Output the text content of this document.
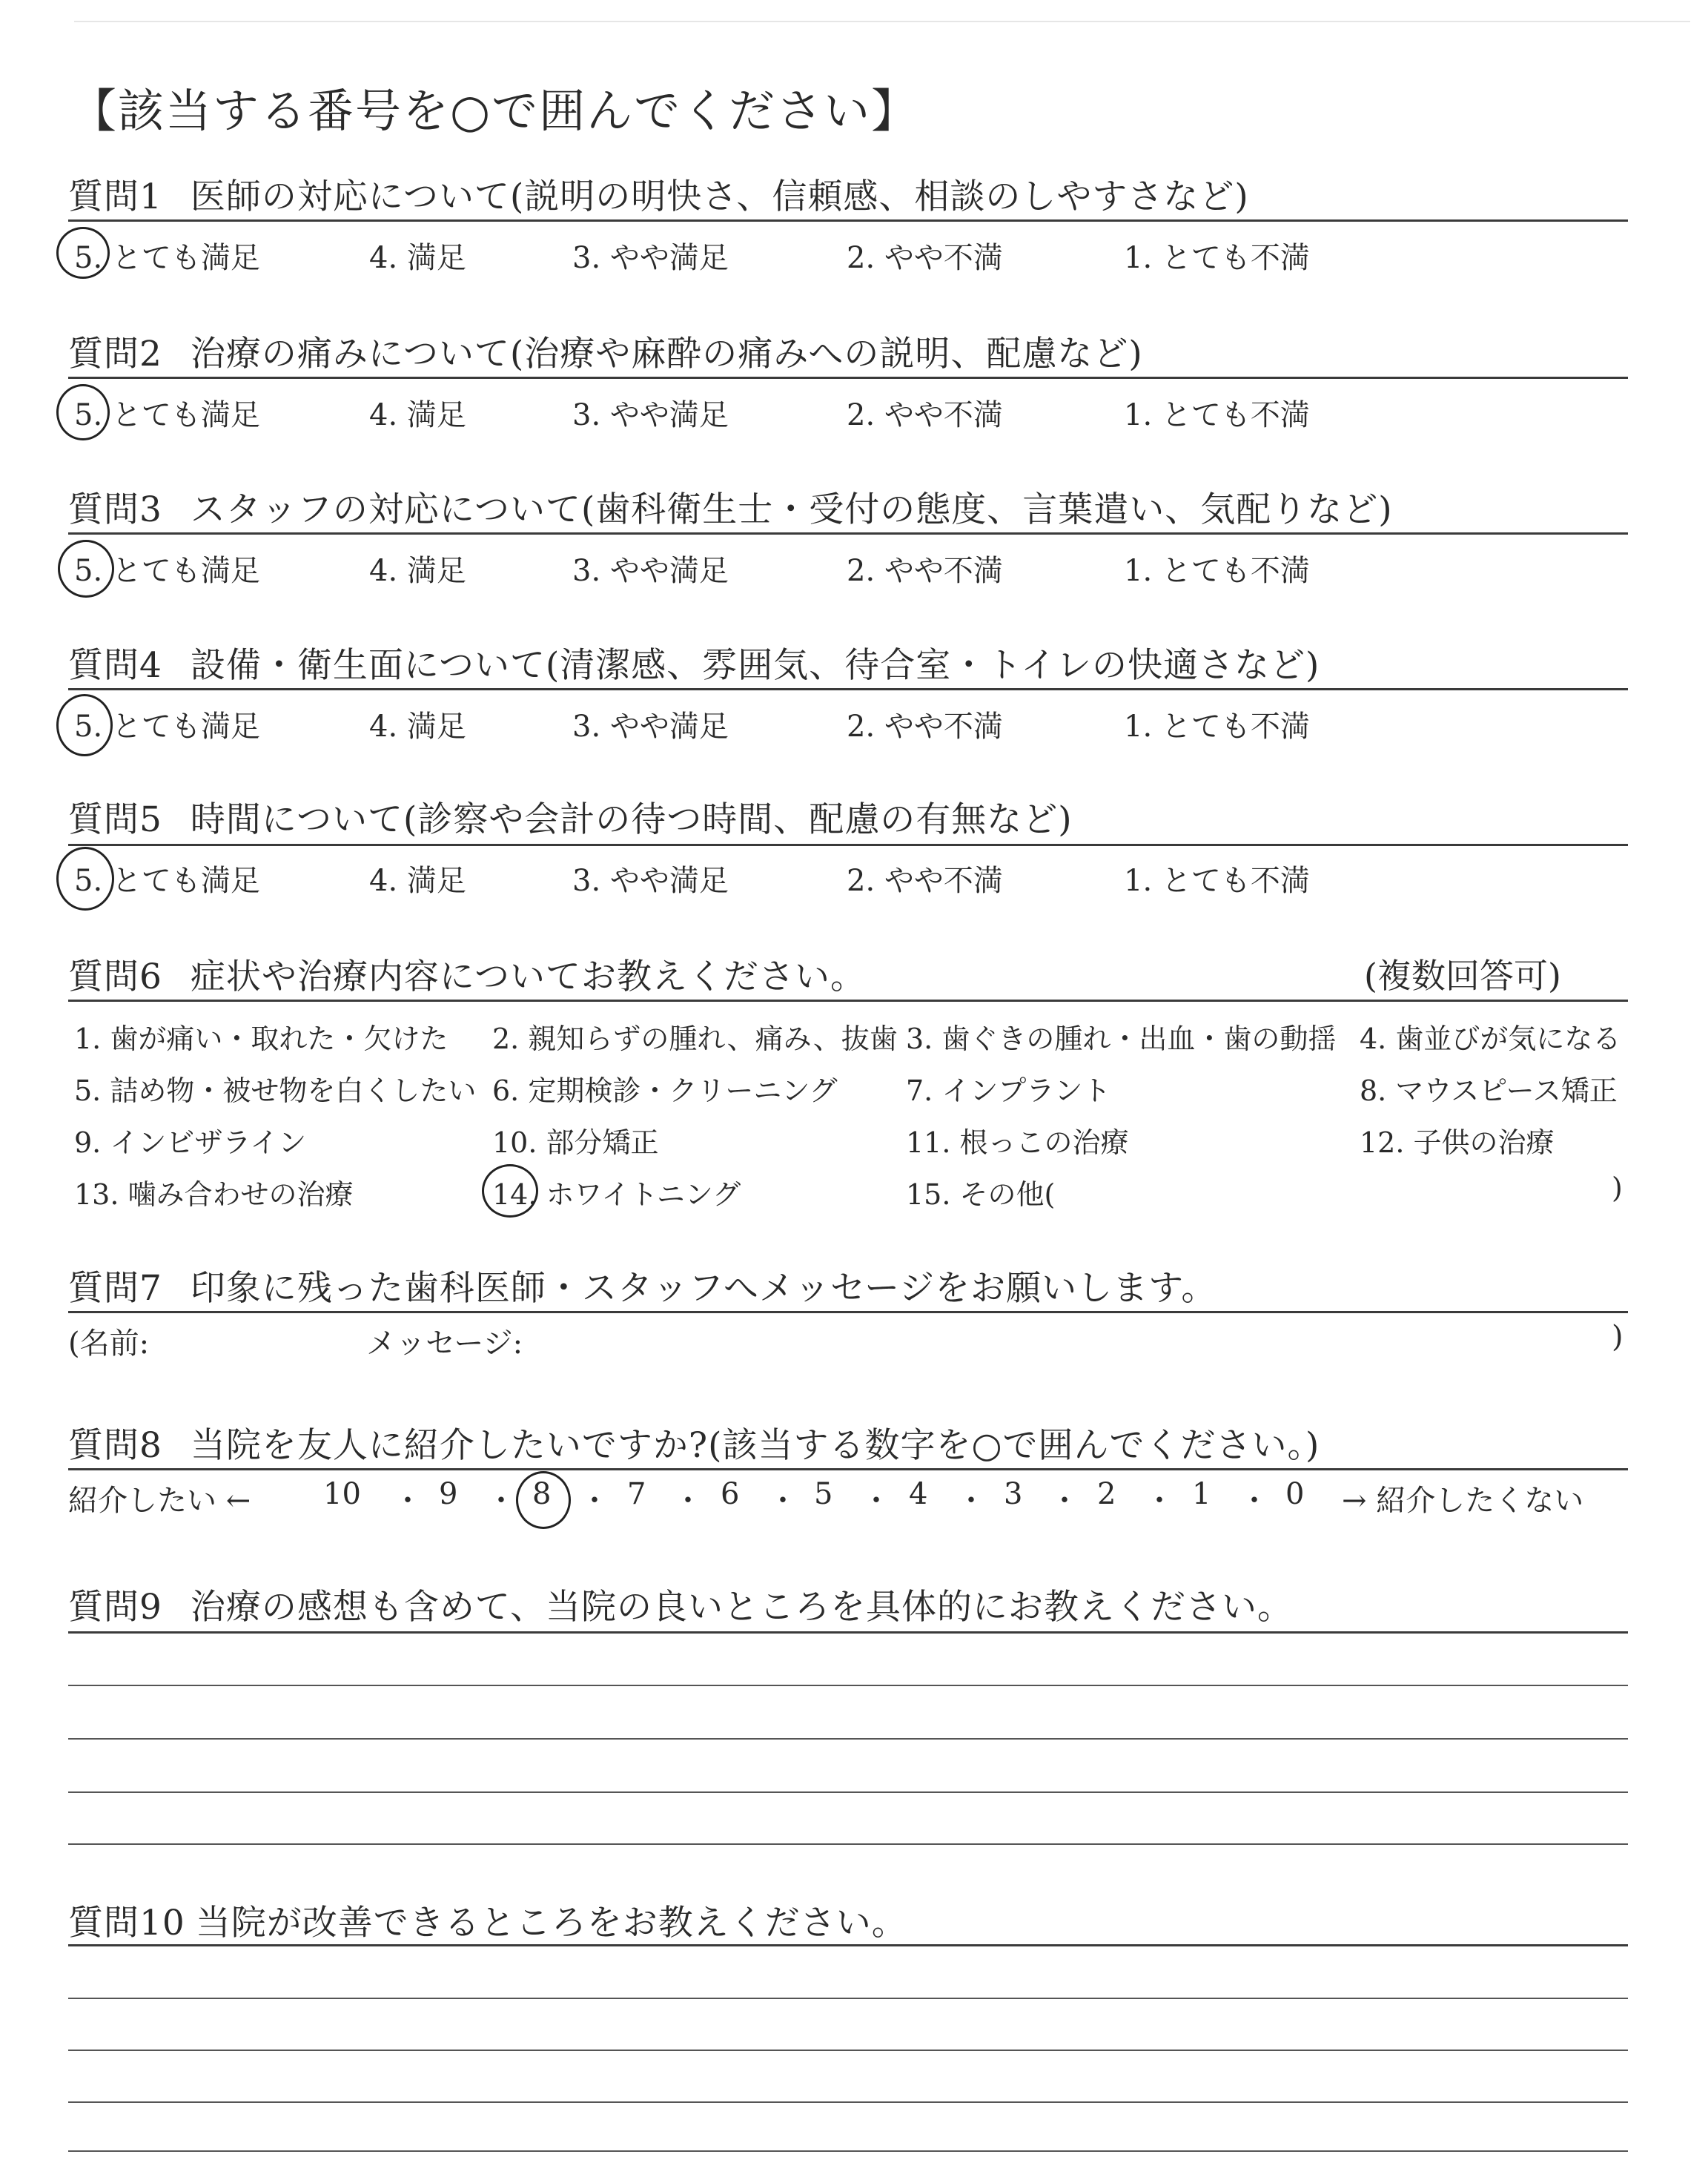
【該当する番号を○で囲んでください】
質問1 医師の対応について(説明の明快さ、信頼感、相談のしやすさなど)
5. とても満足	4. 満足	3. やや満足	2. やや不満	1. とても不満
質問2 治療の痛みについて(治療や麻酔の痛みへの説明、配慮など)
5. とても満足	4. 満足	3. やや満足	2. やや不満	1. とても不満
質問3 スタッフの対応について(歯科衛生士・受付の態度、言葉遣い、気配りなど)
5. とても満足	4. 満足	3. やや満足	2. やや不満	1. とても不満
質問4 設備・衛生面について(清潔感、雰囲気、待合室・トイレの快適さなど)
5. とても満足	4. 満足	3. やや満足	2. やや不満	1. とても不満
質問5 時間について(診察や会計の待つ時間、配慮の有無など)
5. とても満足	4. 満足	3. やや満足	2. やや不満	1. とても不満
質問6 症状や治療内容についてお教えください。	(複数回答可)
1. 歯が痛い・取れた・欠けた 2. 親知らずの腫れ、痛み、抜歯 3. 歯ぐきの腫れ・出血・歯の動揺 4. 歯並びが気になる
5. 詰め物・被せ物を白くしたい 6. 定期検診・クリーニング 7. インプラント	8. マウスピース矯正
9. インビザライン	10. 部分矯正	11. 根っこの治療	12. 子供の治療
13. 噛み合わせの治療	14. ホワイトニング	15. その他(	)
質問7 印象に残った歯科医師・スタッフへメッセージをお願いします。
(名前:	メッセージ:	)
質問8 当院を友人に紹介したいですか?(該当する数字を○で囲んでください。)
紹介したい ← 10 ・ 9 ・ 8 ・ 7 ・ 6 ・ 5 ・ 4 ・ 3 ・ 2 ・ 1 ・ 0 → 紹介したくない
質問9 治療の感想も含めて、当院の良いところを具体的にお教えください。
質問10 当院が改善できるところをお教えください。
